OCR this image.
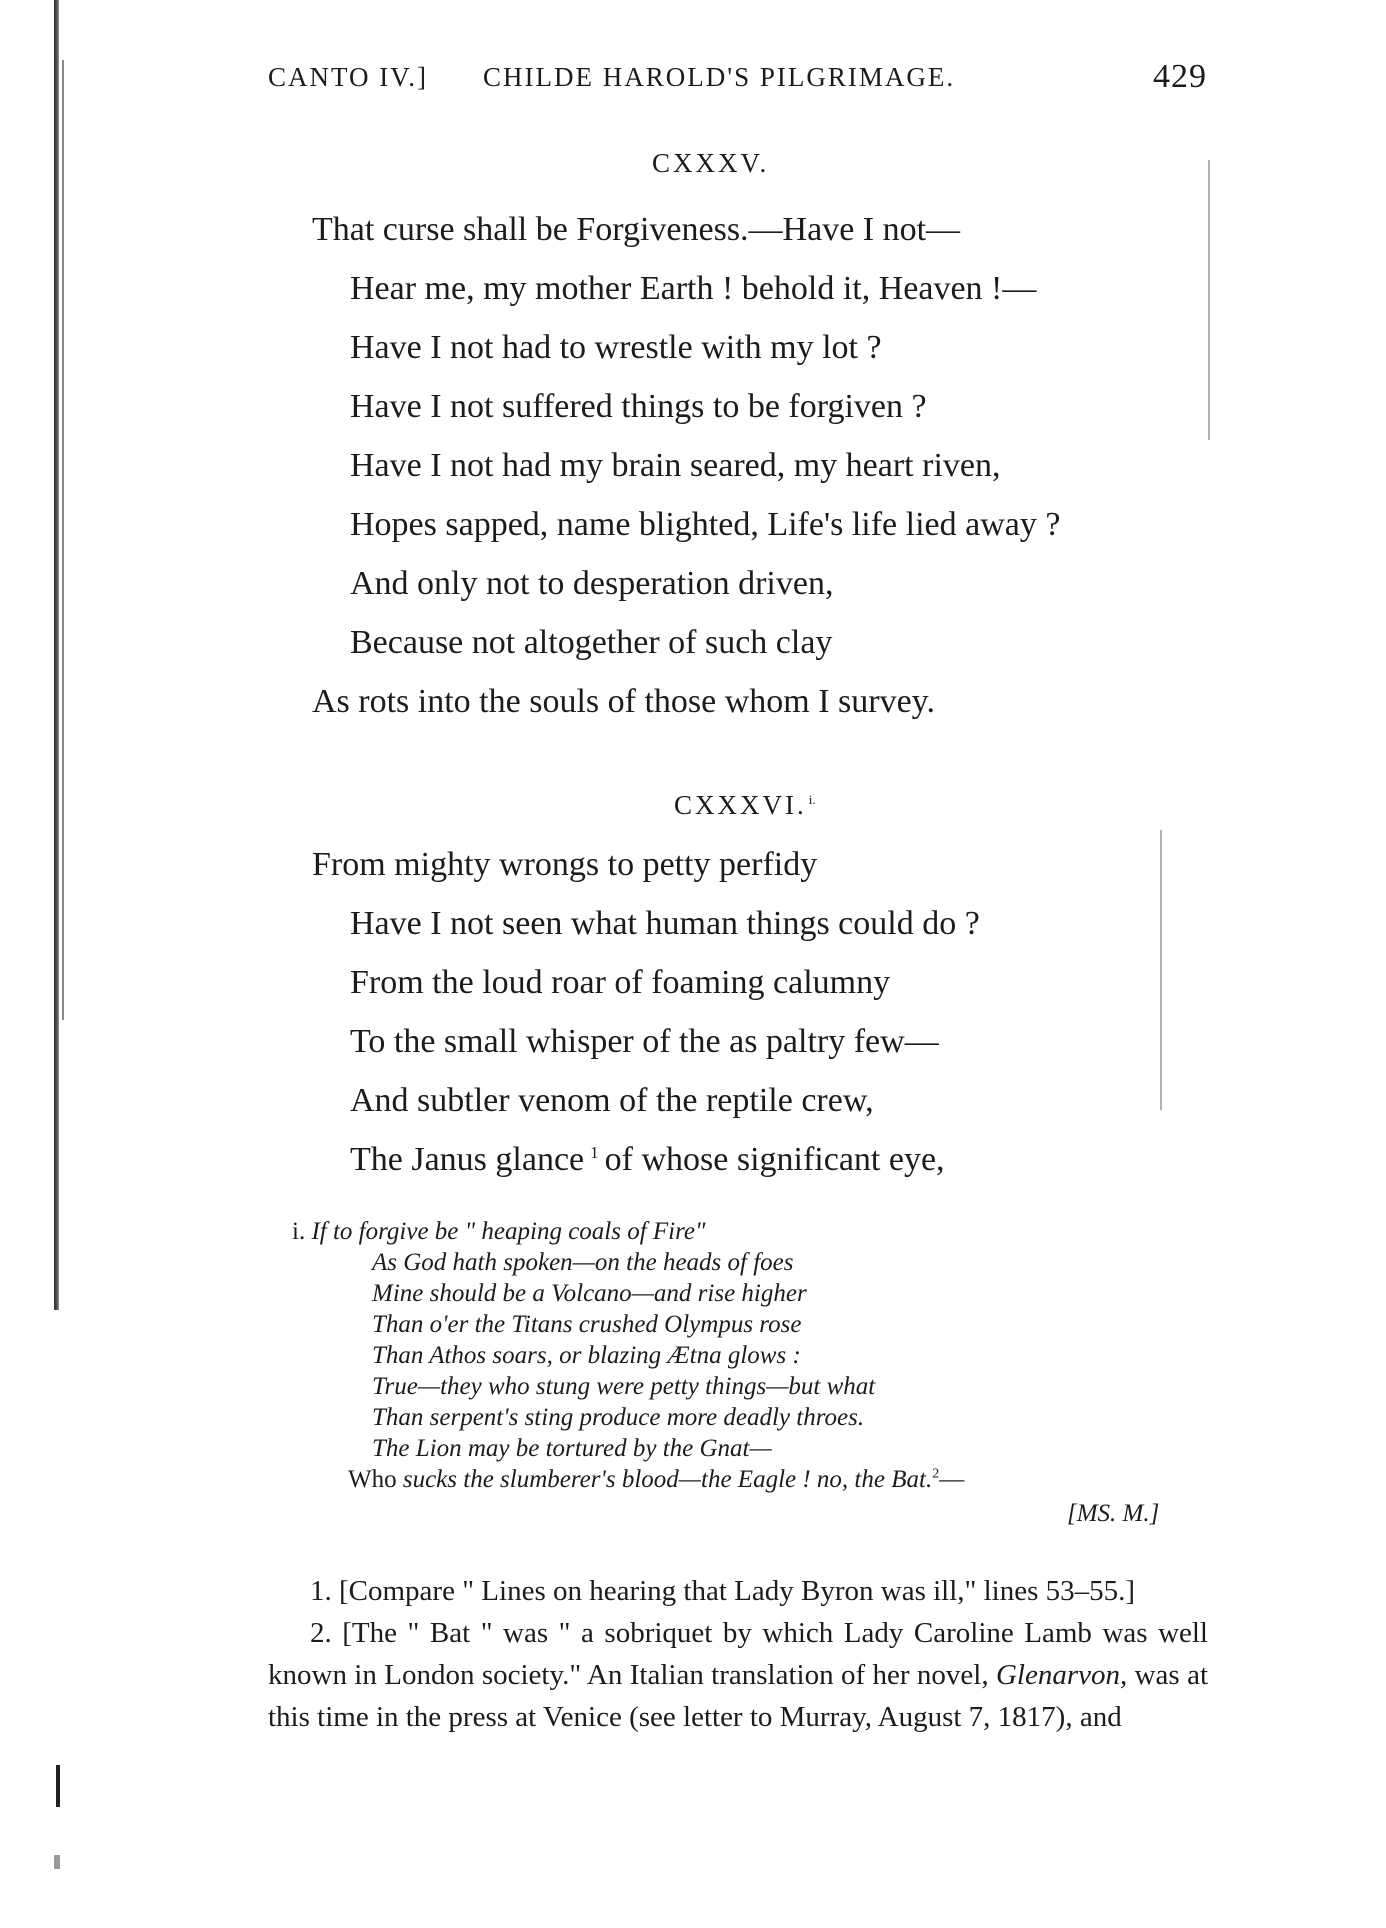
CANTO IV.] CHILDE HAROLD'S PILGRIMAGE.	429
CXXXV.
That curse shall be Forgiveness.—Have I not—
Hear me, my mother Earth ! behold it, Heaven !—
Have I not had to wrestle with my lot ?
Have I not suffered things to be forgiven ?
Have I not had my brain seared, my heart riven,
Hopes sapped, name blighted, Life's life lied away ?
And only not to desperation driven,
Because not altogether of such clay
As rots into the souls of those whom I survey.
CXXXVI. $^{i.}$
From mighty wrongs to petty perfidy
Have I not seen what human things could do ?
From the loud roar of foaming calumny
To the small whisper of the as paltry few—
And subtler venom of the reptile crew,
The Janus glance $^1$ of whose significant eye,
i. If to forgive be " heaping coals of Fire"
As God hath spoken—on the heads of foes
Mine should be a Volcano—and rise higher
Than o'er the Titans crushed Olympus rose
Than Athos soars, or blazing Ætna glows :
True—they who stung were petty things—but what
Than serpent's sting produce more deadly throes.
The Lion may be tortured by the Gnat—
Who sucks the slumberer's blood—the Eagle ! no, the Bat.$^2$—
[MS. M.]

1. [Compare " Lines on hearing that Lady Byron was ill," lines 53–55.]

2. [The " Bat " was " a sobriquet by which Lady Caroline Lamb was well known in London society." An Italian translation of her novel, Glenarvon, was at this time in the press at Venice (see letter to Murray, August 7, 1817), and
